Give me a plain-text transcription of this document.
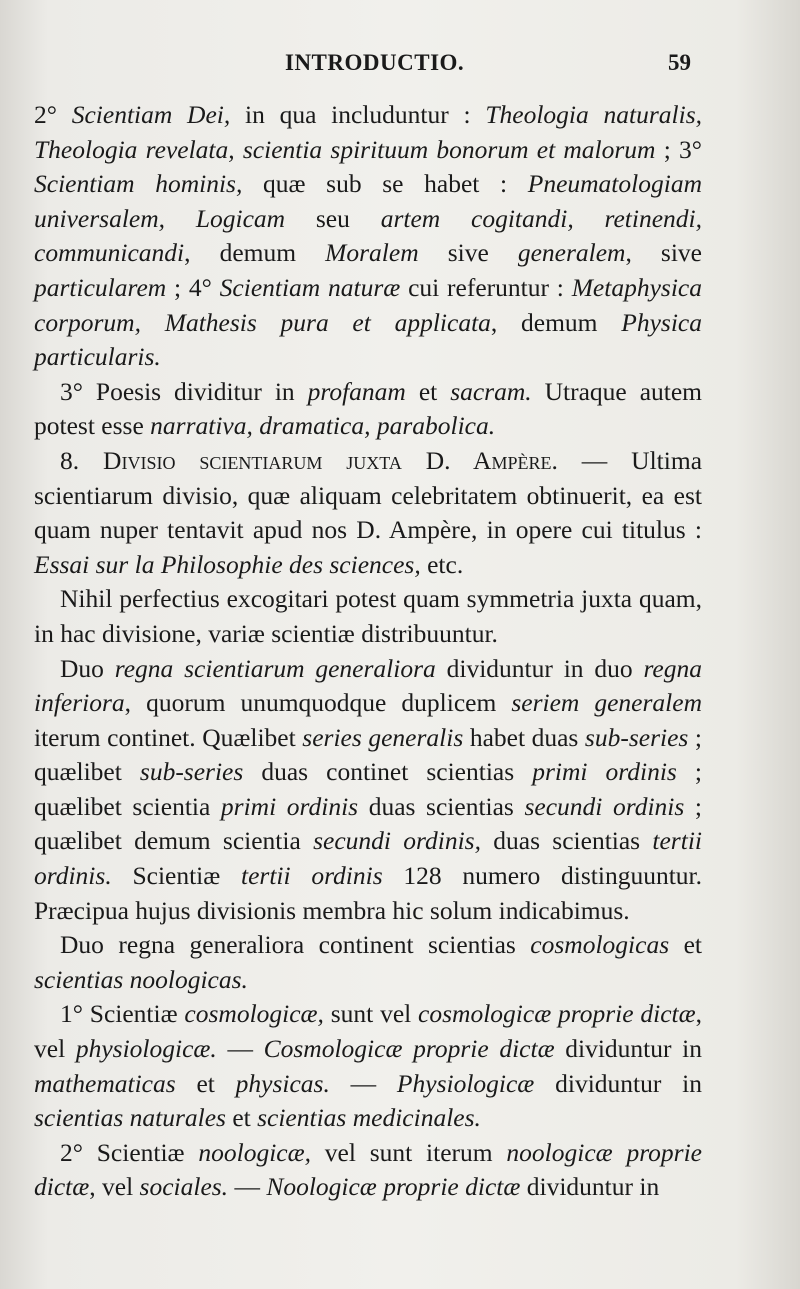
INTRODUCTIO.	59

2° Scientiam Dei, in qua includuntur : Theologia naturalis, Theologia revelata, scientia spirituum bonorum et malorum ; 3° Scientiam hominis, quæ sub se habet : Pneumatologiam universalem, Logicam seu artem cogitandi, retinendi, communicandi, demum Moralem sive generalem, sive particularem ; 4° Scientiam naturæ cui referuntur : Metaphysica corporum, Mathesis pura et applicata, demum Physica particularis.

3° Poesis dividitur in profanam et sacram. Utraque autem potest esse narrativa, dramatica, parabolica.

8. Divisio scientiarum juxta D. Ampère. — Ultima scientiarum divisio, quæ aliquam celebritatem obtinuerit, ea est quam nuper tentavit apud nos D. Ampère, in opere cui titulus : Essai sur la Philosophie des sciences, etc.

Nihil perfectius excogitari potest quam symmetria juxta quam, in hac divisione, variæ scientiæ distribuuntur.

Duo regna scientiarum generaliora dividuntur in duo regna inferiora, quorum unumquodque duplicem seriem generalem iterum continet. Quælibet series generalis habet duas sub-series ; quælibet sub-series duas continet scientias primi ordinis ; quælibet scientia primi ordinis duas scientias secundi ordinis ; quælibet demum scientia secundi ordinis, duas scientias tertii ordinis. Scientiæ tertii ordinis 128 numero distinguuntur. Præcipua hujus divisionis membra hic solum indicabimus.

Duo regna generaliora continent scientias cosmologicas et scientias noologicas.

1° Scientiæ cosmologicæ, sunt vel cosmologicæ proprie dictæ, vel physiologicæ. — Cosmologicæ proprie dictæ dividuntur in mathematicas et physicas. — Physiologicæ dividuntur in scientias naturales et scientias medicinales.

2° Scientiæ noologicæ, vel sunt iterum noologicæ proprie dictæ, vel sociales. — Noologicæ proprie dictæ dividuntur in
